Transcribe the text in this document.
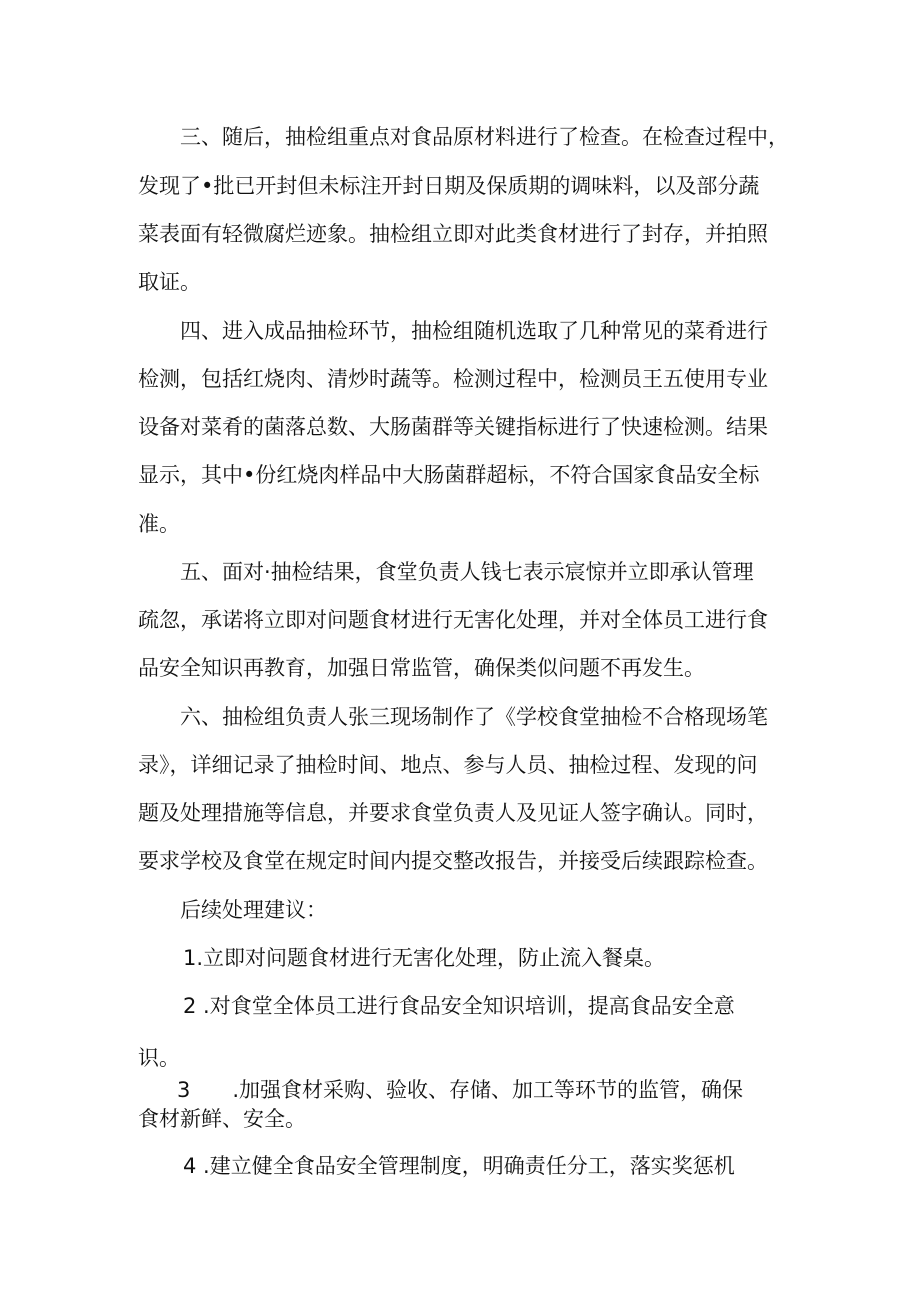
三、随后，抽检组重点对食品原材料进行了检查。在检查过程中，
发现了•批已开封但未标注开封日期及保质期的调味料，以及部分蔬
菜表面有轻微腐烂迹象。抽检组立即对此类食材进行了封存，并拍照
取证。
四、进入成品抽检环节，抽检组随机选取了几种常见的菜肴进行
检测，包括红烧肉、清炒时蔬等。检测过程中，检测员王五使用专业
设备对菜肴的菌落总数、大肠菌群等关键指标进行了快速检测。结果
显示，其中•份红烧肉样品中大肠菌群超标，不符合国家食品安全标
准。
五、面对·抽检结果，食堂负责人钱七表示宸惊并立即承认管理
疏忽，承诺将立即对问题食材进行无害化处理，并对全体员工进行食
品安全知识再教育，加强日常监管，确保类似问题不再发生。
六、抽检组负责人张三现场制作了《学校食堂抽检不合格现场笔
录》，详细记录了抽检时间、地点、参与人员、抽检过程、发现的问
题及处理措施等信息，并要求食堂负责人及见证人签字确认。同时，
要求学校及食堂在规定时间内提交整改报告，并接受后续跟踪检查。
后续处理建议：
1.立即对问题食材进行无害化处理，防止流入餐桌。
2 .对食堂全体员工进行食品安全知识培训，提高食品安全意
识。
3　　.加强食材采购、验收、存储、加工等环节的监管，确保
食材新鲜、安全。
4 .建立健全食品安全管理制度，明确责任分工，落实奖惩机
